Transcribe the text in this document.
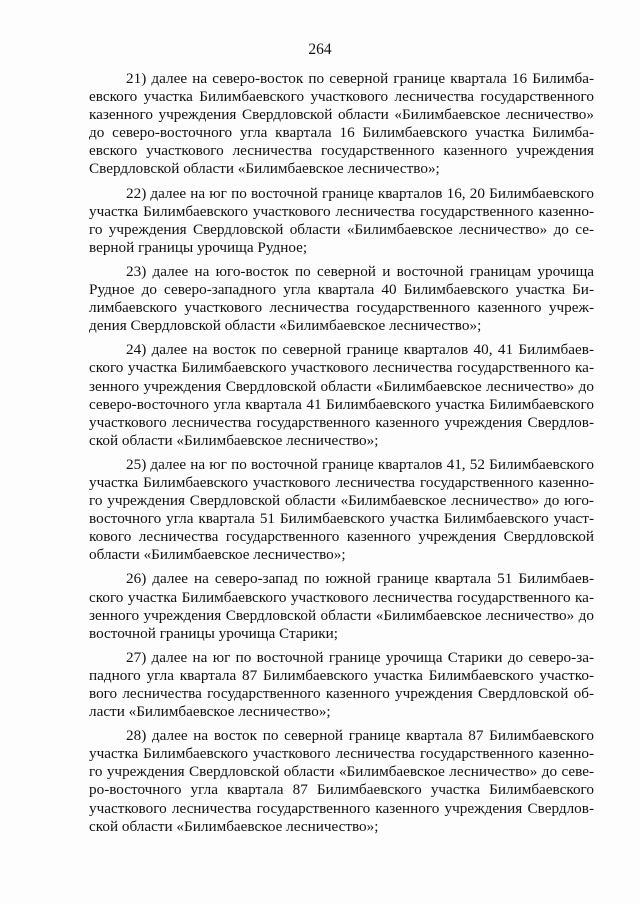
264

21) далее на северо-восток по северной границе квартала 16 Билимбаевского участка Билимбаевского участкового лесничества государственного казенного учреждения Свердловской области «Билимбаевское лесничество» до северо-восточного угла квартала 16 Билимбаевского участка Билимбаевского участкового лесничества государственного казенного учреждения Свердловской области «Билимбаевское лесничество»;

22) далее на юг по восточной границе кварталов 16, 20 Билимбаевского участка Билимбаевского участкового лесничества государственного казенного учреждения Свердловской области «Билимбаевское лесничество» до северной границы урочища Рудное;

23) далее на юго-восток по северной и восточной границам урочища Рудное до северо-западного угла квартала 40 Билимбаевского участка Билимбаевского участкового лесничества государственного казенного учреждения Свердловской области «Билимбаевское лесничество»;

24) далее на восток по северной границе кварталов 40, 41 Билимбаевского участка Билимбаевского участкового лесничества государственного казенного учреждения Свердловской области «Билимбаевское лесничество» до северо-восточного угла квартала 41 Билимбаевского участка Билимбаевского участкового лесничества государственного казенного учреждения Свердловской области «Билимбаевское лесничество»;

25) далее на юг по восточной границе кварталов 41, 52 Билимбаевского участка Билимбаевского участкового лесничества государственного казенного учреждения Свердловской области «Билимбаевское лесничество» до юго-восточного угла квартала 51 Билимбаевского участка Билимбаевского участкового лесничества государственного казенного учреждения Свердловской области «Билимбаевское лесничество»;

26) далее на северо-запад по южной границе квартала 51 Билимбаевского участка Билимбаевского участкового лесничества государственного казенного учреждения Свердловской области «Билимбаевское лесничество» до восточной границы урочища Старики;

27) далее на юг по восточной границе урочища Старики до северо-западного угла квартала 87 Билимбаевского участка Билимбаевского участкового лесничества государственного казенного учреждения Свердловской области «Билимбаевское лесничество»;

28) далее на восток по северной границе квартала 87 Билимбаевского участка Билимбаевского участкового лесничества государственного казенного учреждения Свердловской области «Билимбаевское лесничество» до северо-восточного угла квартала 87 Билимбаевского участка Билимбаевского участкового лесничества государственного казенного учреждения Свердловской области «Билимбаевское лесничество»;
